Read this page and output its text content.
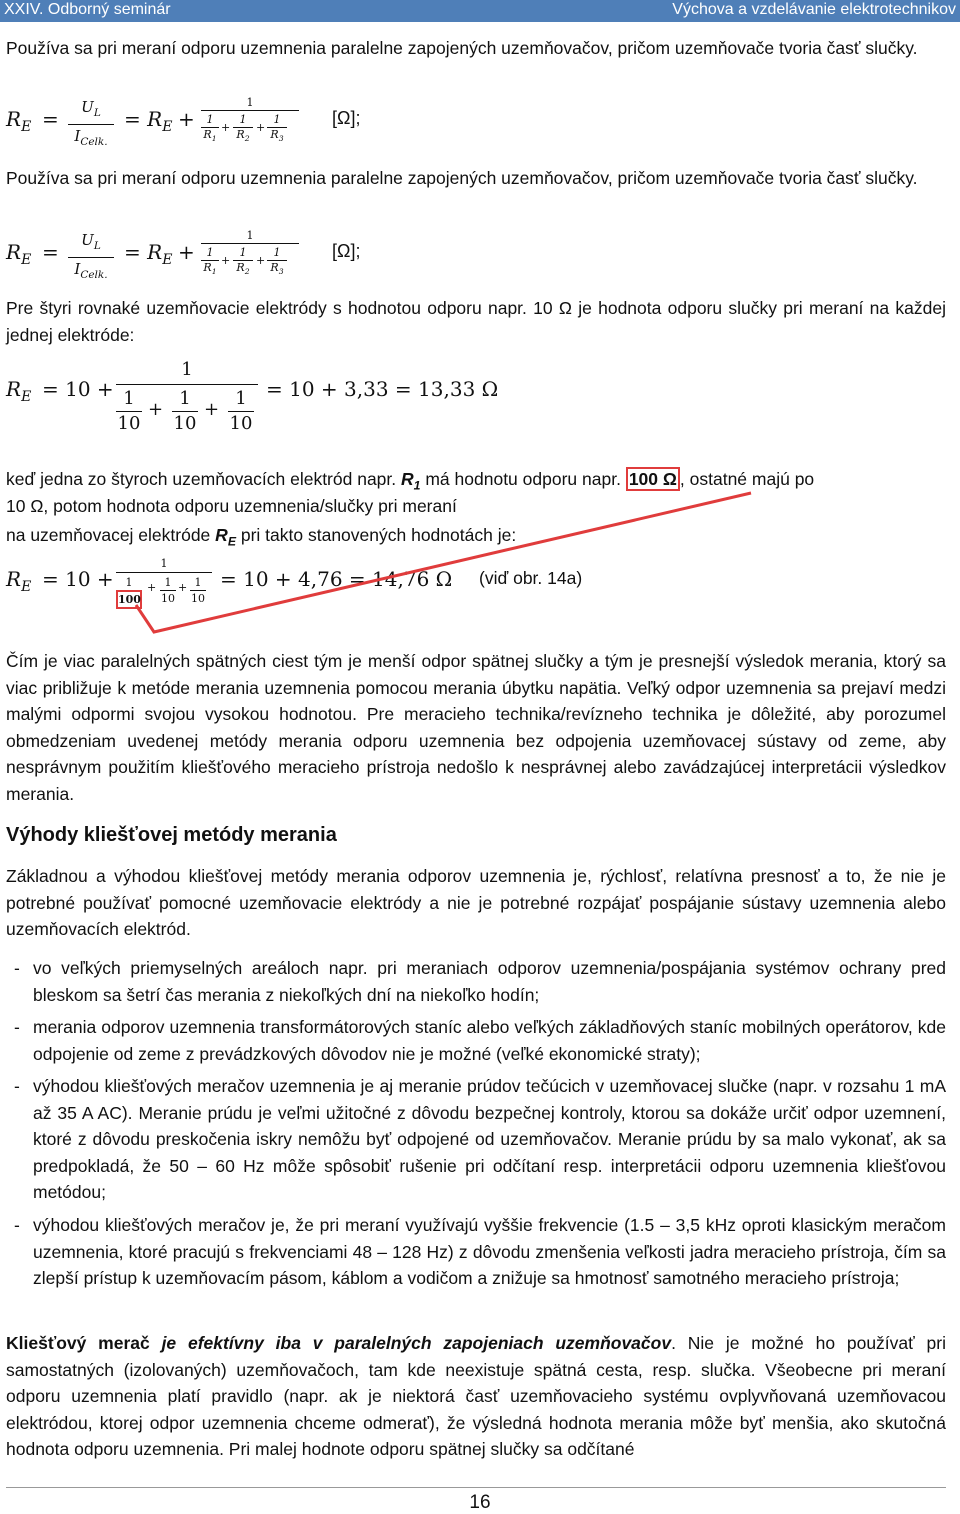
XXIV. Odborný seminár	Výchova a vzdelávanie elektrotechnikov

Používa sa pri meraní odporu uzemnenia paralelne zapojených uzemňovačov, pričom uzemňovače tvoria časť slučky.

$R_E$ =	$U_L$
$I_{Celk.}$
= $R_E$ +
1
$\frac{1}{R_1} + \frac{1}{R_2} + \frac{1}{R_3}$	[Ω];

Používa sa pri meraní odporu uzemnenia paralelne zapojených uzemňovačov, pričom uzemňovače tvoria časť slučky.

$R_E$ =	$U_L$
$I_{Celk.}$
= $R_E$ +
1
$\frac{1}{R_1} + \frac{1}{R_2} + \frac{1}{R_3}$	[Ω];

Pre štyri rovnaké uzemňovacie elektródy s hodnotou odporu napr. 10 Ω je hodnota odporu slučky pri meraní na každej jednej elektróde:

$R_E = 10$ +
1
$\frac{1}{10} + \frac{1}{10} + \frac{1}{10} = 10 + 3,33 = 13,33$ Ω
keď jedna zo štyroch uzemňovacích elektród napr. $R_1$ má hodnotu odporu napr. 100 Ω , ostatné majú po

10 Ω, potom hodnota odporu uzemnenia/slučky pri meraní

na uzemňovacej elektróde $R_E$ pri takto stanovených hodnotách je:
$R_E = 10$ +
1
$\frac{1}{100} + \frac{1}{10} + \frac{1}{10} = 10 + 4,76 = 14,76$ Ω (viď obr. 14a)

Čím je viac paralelných spätných ciest tým je menší odpor spätnej slučky a tým je presnejší výsledok merania, ktorý sa viac približuje k metóde merania uzemnenia pomocou merania úbytku napätia. Veľký odpor uzemnenia sa prejaví medzi malými odpormi svojou vysokou hodnotou. Pre meracieho technika/revízneho technika je dôležité, aby porozumel obmedzeniam uvedenej metódy merania odporu uzemnenia bez odpojenia uzemňovacej sústavy od zeme, aby nesprávnym použitím kliešťového meracieho prístroja nedošlo k nesprávnej alebo zavádzajúcej interpretácii výsledkov merania.

Výhody kliešťovej metódy merania

Základnou a výhodou kliešťovej metódy merania odporov uzemnenia je, rýchlosť, relatívna presnosť a to, že nie je potrebné používať pomocné uzemňovacie elektródy a nie je potrebné rozpájať pospájanie sústavy uzemnenia alebo uzemňovacích elektród.

- vo veľkých priemyselných areáloch napr. pri meraniach odporov uzemnenia/pospájania systémov ochrany pred bleskom sa šetrí čas merania z niekoľkých dní na niekoľko hodín;
- merania odporov uzemnenia transformátorových staníc alebo veľkých základňových staníc mobilných operátorov, kde odpojenie od zeme z prevádzkových dôvodov nie je možné (veľké ekonomické straty);
- výhodou kliešťových meračov uzemnenia je aj meranie prúdov tečúcich v uzemňovacej slučke (napr. v rozsahu 1 mA až 35 A AC). Meranie prúdu je veľmi užitočné z dôvodu bezpečnej kontroly, ktorou sa dokáže určiť odpor uzemnení, ktoré z dôvodu preskočenia iskry nemôžu byť odpojené od uzemňovačov. Meranie prúdu by sa malo vykonať, ak sa predpokladá, že 50 – 60 Hz môže spôsobiť rušenie pri odčítaní resp. interpretácii odporu uzemnenia kliešťovou metódou;
- výhodou kliešťových meračov je, že pri meraní využívajú vyššie frekvencie (1.5 – 3,5 kHz oproti klasickým meračom uzemnenia, ktoré pracujú s frekvenciami 48 – 128 Hz) z dôvodu zmenšenia veľkosti jadra meracieho prístroja, čím sa zlepší prístup k uzemňovacím pásom, káblom a vodičom a znižuje sa hmotnosť samotného meracieho prístroja;

Kliešťový merač je efektívny iba v paralelných zapojeniach uzemňovačov. Nie je možné ho používať pri samostatných (izolovaných) uzemňovačoch, tam kde neexistuje spätná cesta, resp. slučka. Všeobecne pri meraní odporu uzemnenia platí pravidlo (napr. ak je niektorá časť uzemňovacieho systému ovplyvňovaná uzemňovacou elektródou, ktorej odpor uzemnenia chceme odmerať), že výsledná hodnota merania môže byť menšia, ako skutočná hodnota odporu uzemnenia. Pri malej hodnote odporu spätnej slučky sa odčítané

16
